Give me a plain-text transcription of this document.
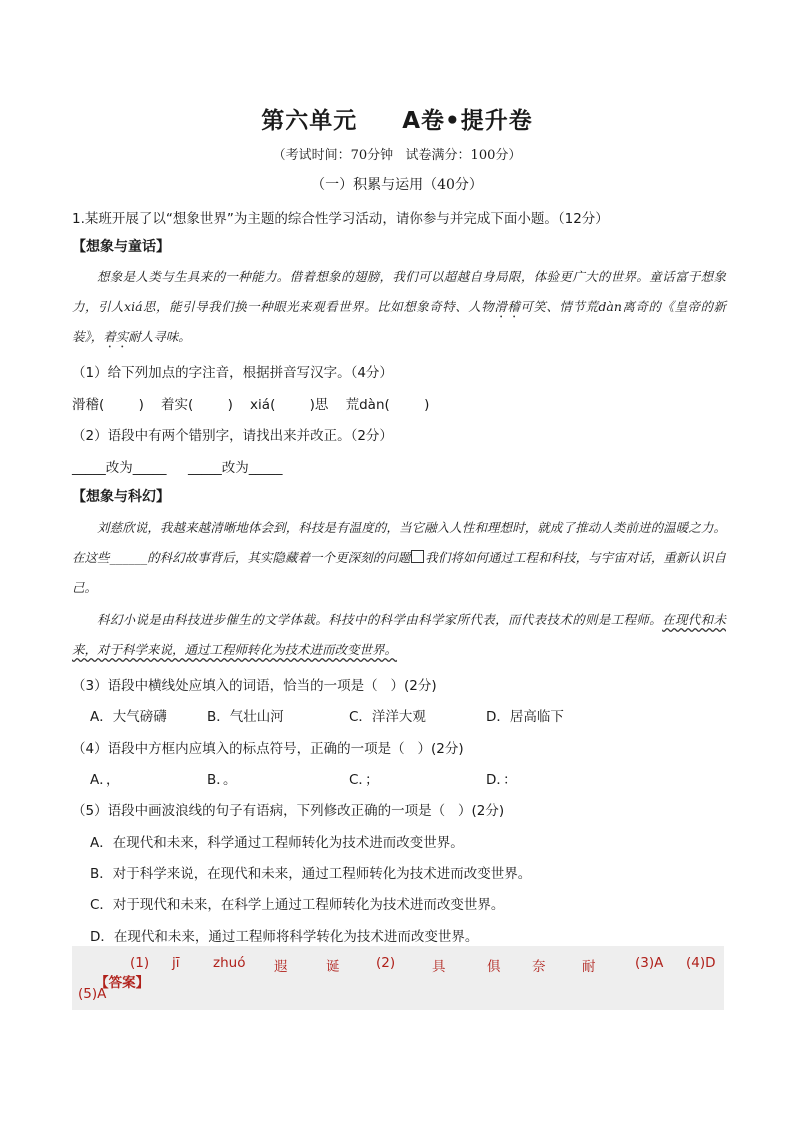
第六单元     A卷•提升卷
（考试时间：70分钟   试卷满分：100分）
（一）积累与运用（40分）
1.某班开展了以“想象世界”为主题的综合性学习活动，请你参与并完成下面小题。（12分）
【想象与童话】
想象是人类与生具来的一种能力。借着想象的翅膀，我们可以超越自身局限，体验更广大的世界。童话富于想象力，引人xiá思，能引导我们换一种眼光来观看世界。比如想象奇特、人物滑稽可笑、情节荒dàn离奇的《皇帝的新装》，着实耐人寻味。
（1）给下列加点的字注音，根据拼音写汉字。（4分）
滑稽(        )    着实(        )    xiá(        )思    荒dàn(        )
（2）语段中有两个错别字，请找出来并改正。（2分）
_____改为_____     _____改为_____
【想象与科幻】
刘慈欣说，我越来越清晰地体会到，科技是有温度的，当它融入人性和理想时，就成了推动人类前进的温暖之力。在这些______的科幻故事背后，其实隐藏着一个更深刻的问题 我们将如何通过工程和科技，与宇宙对话，重新认识自己。
科幻小说是由科技进步催生的文学体裁。科技中的科学由科学家所代表，而代表技术的则是工程师。在现代和未来，对于科学来说，通过工程师转化为技术进而改变世界。
（3）语段中横线处应填入的词语，恰当的一项是（   ）(2分)
A．大气磅礴	B．气壮山河	C．洋洋大观	D．居高临下
（4）语段中方框内应填入的标点符号，正确的一项是（   ）(2分)
A．，	B．。	C．；	D．：
（5）语段中画波浪线的句子有语病，下列修改正确的一项是（   ）(2分)
A．在现代和未来，科学通过工程师转化为技术进而改变世界。
B．对于科学来说，在现代和未来，通过工程师转化为技术进而改变世界。
C．对于现代和未来，在科学上通过工程师转化为技术进而改变世界。
D．在现代和未来，通过工程师将科学转化为技术进而改变世界。

【答案】

(1) jī zhuó 遐	诞	(2)	具	俱 奈	耐	(3)A (4)D
(5)A
